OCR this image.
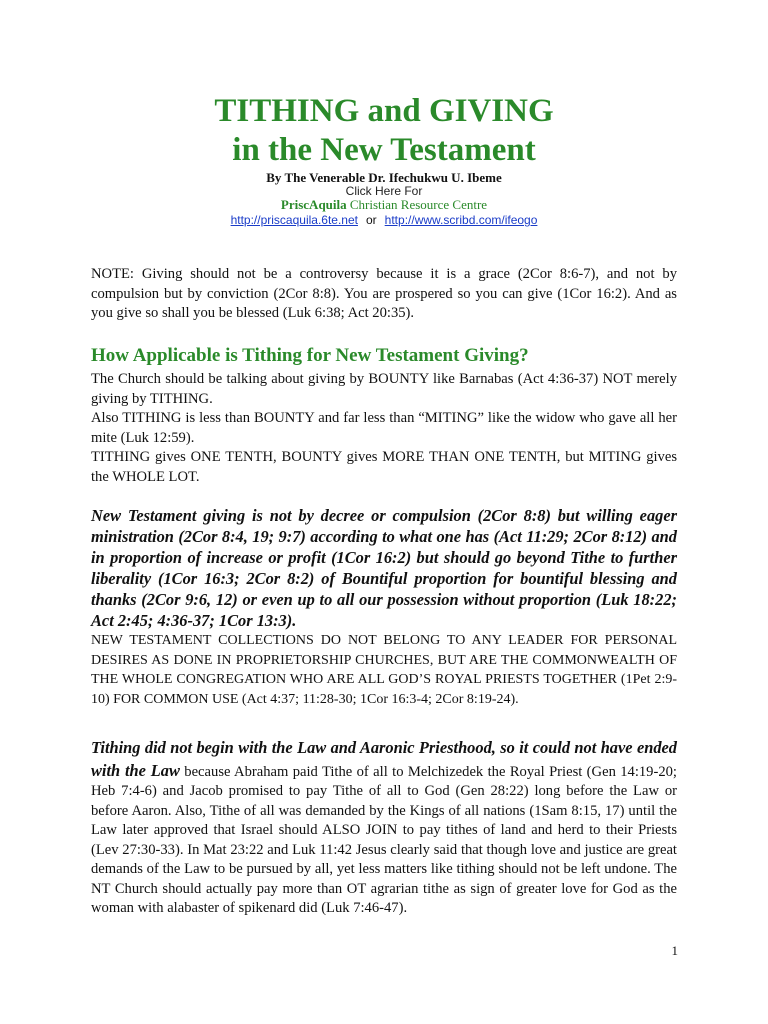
TITHING and GIVING
in the New Testament
By The Venerable Dr. Ifechukwu U. Ibeme
Click Here For
PriscAquila Christian Resource Centre
http://priscaquila.6te.net or http://www.scribd.com/ifeogo

NOTE: Giving should not be a controversy because it is a grace (2Cor 8:6-7), and not by compulsion but by conviction (2Cor 8:8). You are prospered so you can give (1Cor 16:2). And as you give so shall you be blessed (Luk 6:38; Act 20:35).

How Applicable is Tithing for New Testament Giving?
The Church should be talking about giving by BOUNTY like Barnabas (Act 4:36-37) NOT merely giving by TITHING.
Also TITHING is less than BOUNTY and far less than “MITING” like the widow who gave all her mite (Luk 12:59).
TITHING gives ONE TENTH, BOUNTY gives MORE THAN ONE TENTH, but MITING gives the WHOLE LOT.
New Testament giving is not by decree or compulsion (2Cor 8:8) but willing eager ministration (2Cor 8:4, 19; 9:7) according to what one has (Act 11:29; 2Cor 8:12) and in proportion of increase or profit (1Cor 16:2) but should go beyond Tithe to further liberality (1Cor 16:3; 2Cor 8:2) of Bountiful proportion for bountiful blessing and thanks (2Cor 9:6, 12) or even up to all our possession without proportion (Luk 18:22; Act 2:45; 4:36-37; 1Cor 13:3).
NEW TESTAMENT COLLECTIONS DO NOT BELONG TO ANY LEADER FOR PERSONAL DESIRES AS DONE IN PROPRIETORSHIP CHURCHES, BUT ARE THE COMMONWEALTH OF THE WHOLE CONGREGATION WHO ARE ALL GOD’S ROYAL PRIESTS TOGETHER (1Pet 2:9-10) FOR COMMON USE (Act 4:37; 11:28-30; 1Cor 16:3-4; 2Cor 8:19-24).

Tithing did not begin with the Law and Aaronic Priesthood, so it could not have ended with the Law because Abraham paid Tithe of all to Melchizedek the Royal Priest (Gen 14:19-20; Heb 7:4-6) and Jacob promised to pay Tithe of all to God (Gen 28:22) long before the Law or before Aaron. Also, Tithe of all was demanded by the Kings of all nations (1Sam 8:15, 17) until the Law later approved that Israel should ALSO JOIN to pay tithes of land and herd to their Priests (Lev 27:30-33). In Mat 23:22 and Luk 11:42 Jesus clearly said that though love and justice are great demands of the Law to be pursued by all, yet less matters like tithing should not be left undone. The NT Church should actually pay more than OT agrarian tithe as sign of greater love for God as the woman with alabaster of spikenard did (Luk 7:46-47).

1
